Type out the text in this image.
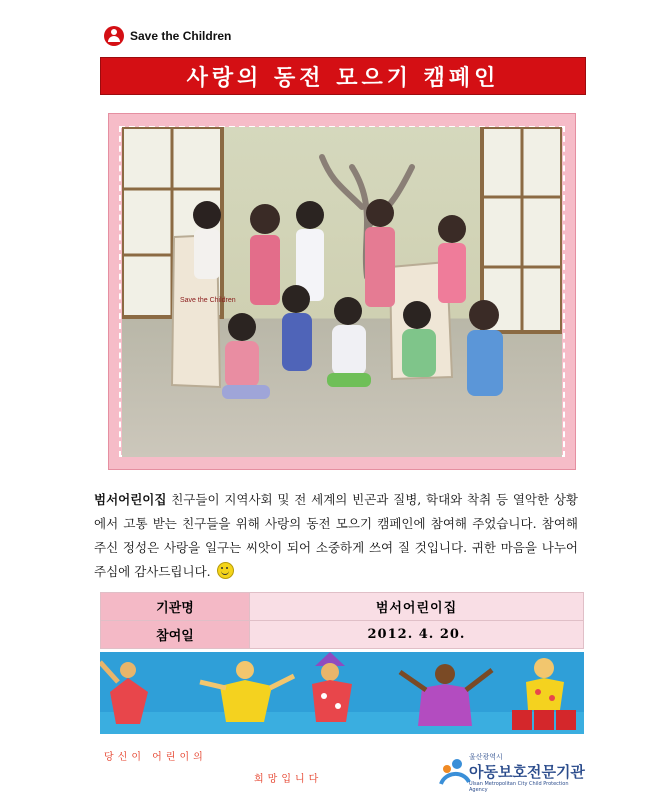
Save the Children
사랑의 동전 모으기 캠페인
Save the Children
범서어린이집 친구들이 지역사회 및 전 세계의 빈곤과 질병, 학대와 착취 등 열악한 상황에서 고통 받는 친구들을 위해 사랑의 동전 모으기 캠페인에 참여해 주었습니다. 참여해 주신 정성은 사랑을 일구는 씨앗이 되어 소중하게 쓰여 질 것입니다. 귀한 마음을 나누어 주심에 감사드립니다.
기관명	범서어린이집
참여일	2012. 4. 20.
당신이 어린이의
희망입니다
울산광역시
아동보호전문기관
Ulsan Metropolitan City Child Protection Agency
